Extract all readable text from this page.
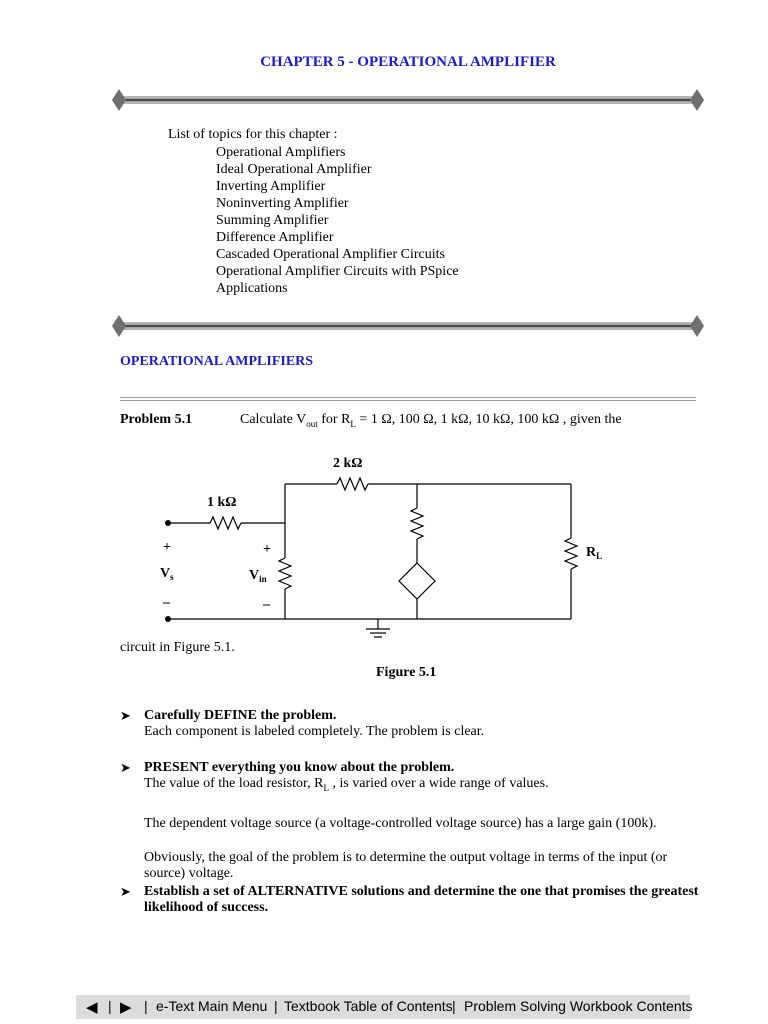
CHAPTER 5 - OPERATIONAL AMPLIFIER
List of topics for this chapter :
Operational Amplifiers
Ideal Operational Amplifier
Inverting Amplifier
Noninverting Amplifier
Summing Amplifier
Difference Amplifier
Cascaded Operational Amplifier Circuits
Operational Amplifier Circuits with PSpice
Applications
OPERATIONAL AMPLIFIERS
Problem 5.1	Calculate $V_{out}$ for $R_L = 1$ Ω, 100 Ω, 1 kΩ, 10 kΩ, 100 kΩ , given the
2 kΩ
1 kΩ
+
$V_s$
–
+
$V_{in}$
–
$R_L$
circuit in Figure 5.1.
Figure 5.1
➤ Carefully DEFINE the problem.
Each component is labeled completely. The problem is clear.
➤ PRESENT everything you know about the problem.
The value of the load resistor, $R_L$ , is varied over a wide range of values.
The dependent voltage source (a voltage-controlled voltage source) has a large gain (100k).
Obviously, the goal of the problem is to determine the output voltage in terms of the input (or source) voltage.
➤ Establish a set of ALTERNATIVE solutions and determine the one that promises the greatest likelihood of success.
◀ | ▶ | e-Text Main Menu | Textbook Table of Contents | Problem Solving Workbook Contents
